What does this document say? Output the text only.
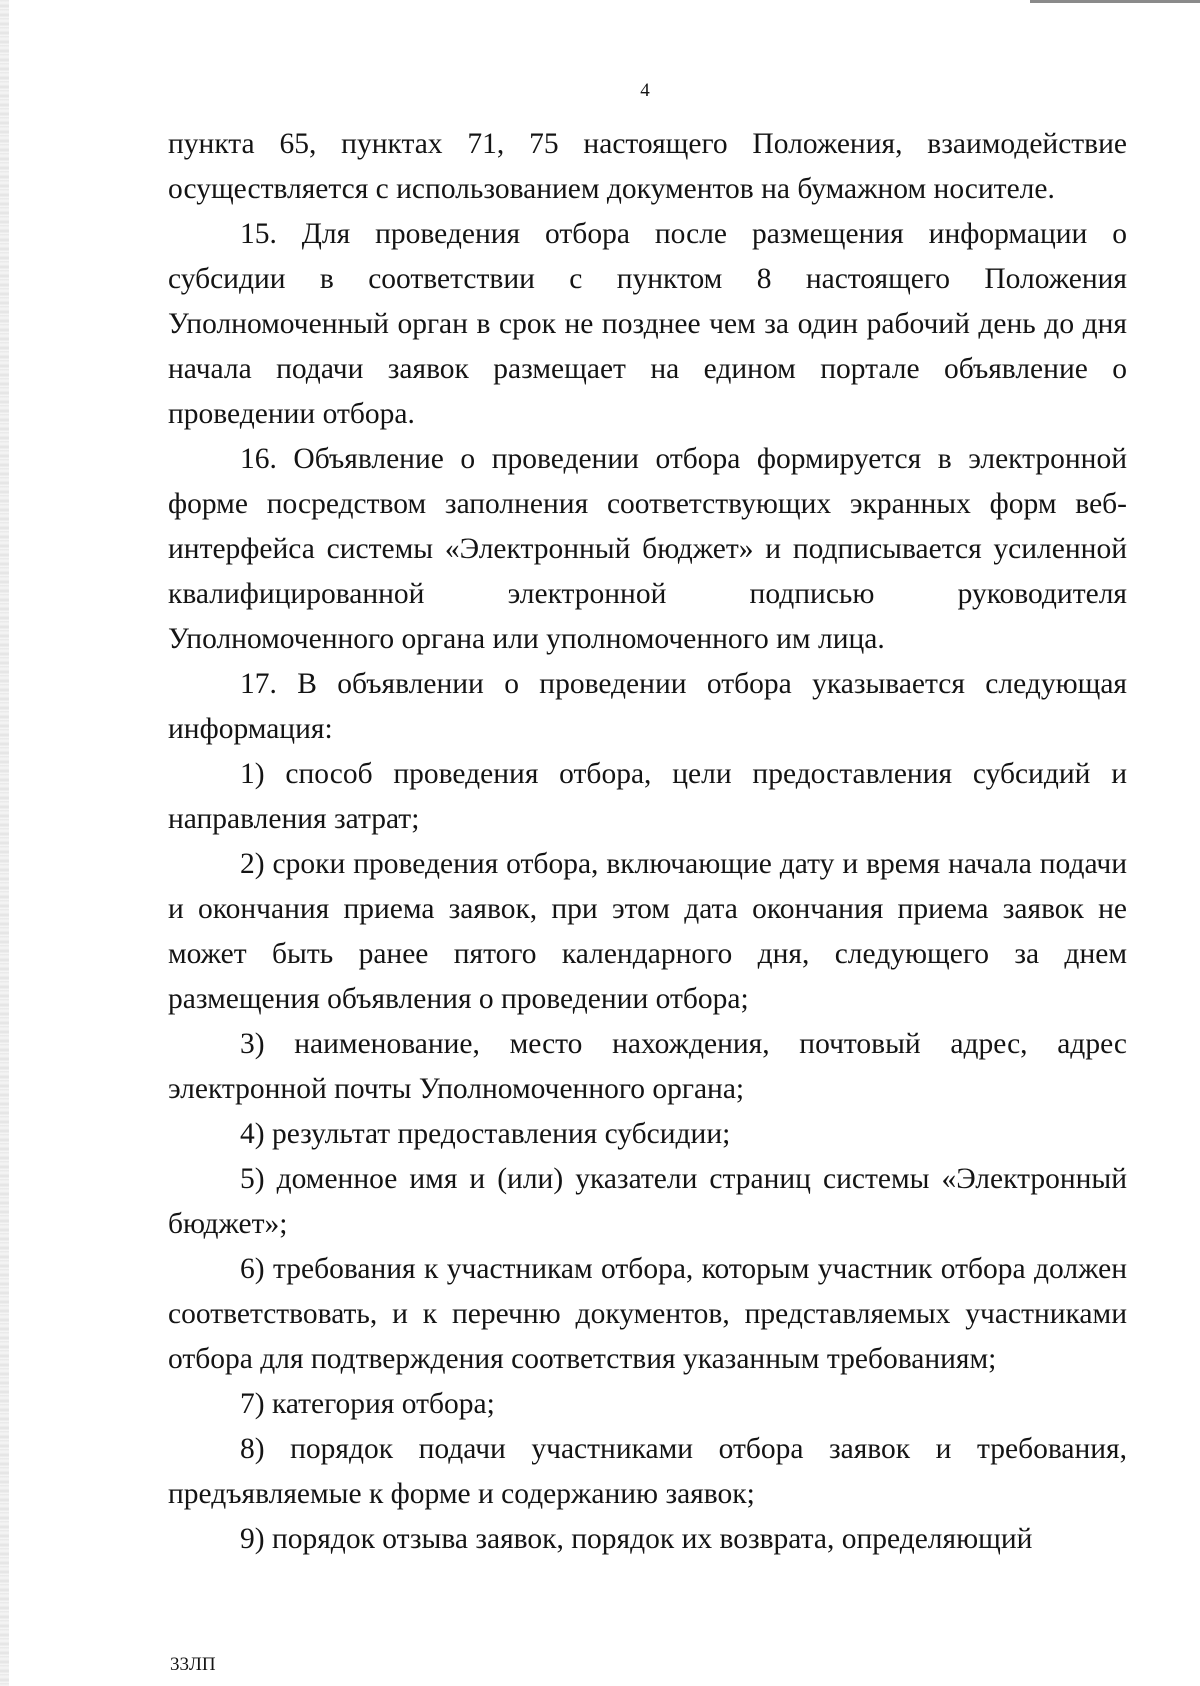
4

пункта 65, пунктах 71, 75 настоящего Положения, взаимодействие осуществляется с использованием документов на бумажном носителе.

15. Для проведения отбора после размещения информации о субсидии в соответствии с пунктом 8 настоящего Положения Уполномоченный орган в срок не позднее чем за один рабочий день до дня начала подачи заявок размещает на едином портале объявление о проведении отбора.

16. Объявление о проведении отбора формируется в электронной форме посредством заполнения соответствующих экранных форм веб-интерфейса системы «Электронный бюджет» и подписывается усиленной квалифицированной электронной подписью руководителя Уполномоченного органа или уполномоченного им лица.

17. В объявлении о проведении отбора указывается следующая информация:

1) способ проведения отбора, цели предоставления субсидий и направления затрат;

2) сроки проведения отбора, включающие дату и время начала подачи и окончания приема заявок, при этом дата окончания приема заявок не может быть ранее пятого календарного дня, следующего за днем размещения объявления о проведении отбора;

3) наименование, место нахождения, почтовый адрес, адрес электронной почты Уполномоченного органа;

4) результат предоставления субсидии;

5) доменное имя и (или) указатели страниц системы «Электронный бюджет»;

6) требования к участникам отбора, которым участник отбора должен соответствовать, и к перечню документов, представляемых участниками отбора для подтверждения соответствия указанным требованиям;

7) категория отбора;

8) порядок подачи участниками отбора заявок и требования, предъявляемые к форме и содержанию заявок;

9) порядок отзыва заявок, порядок их возврата, определяющий

33ЛП
